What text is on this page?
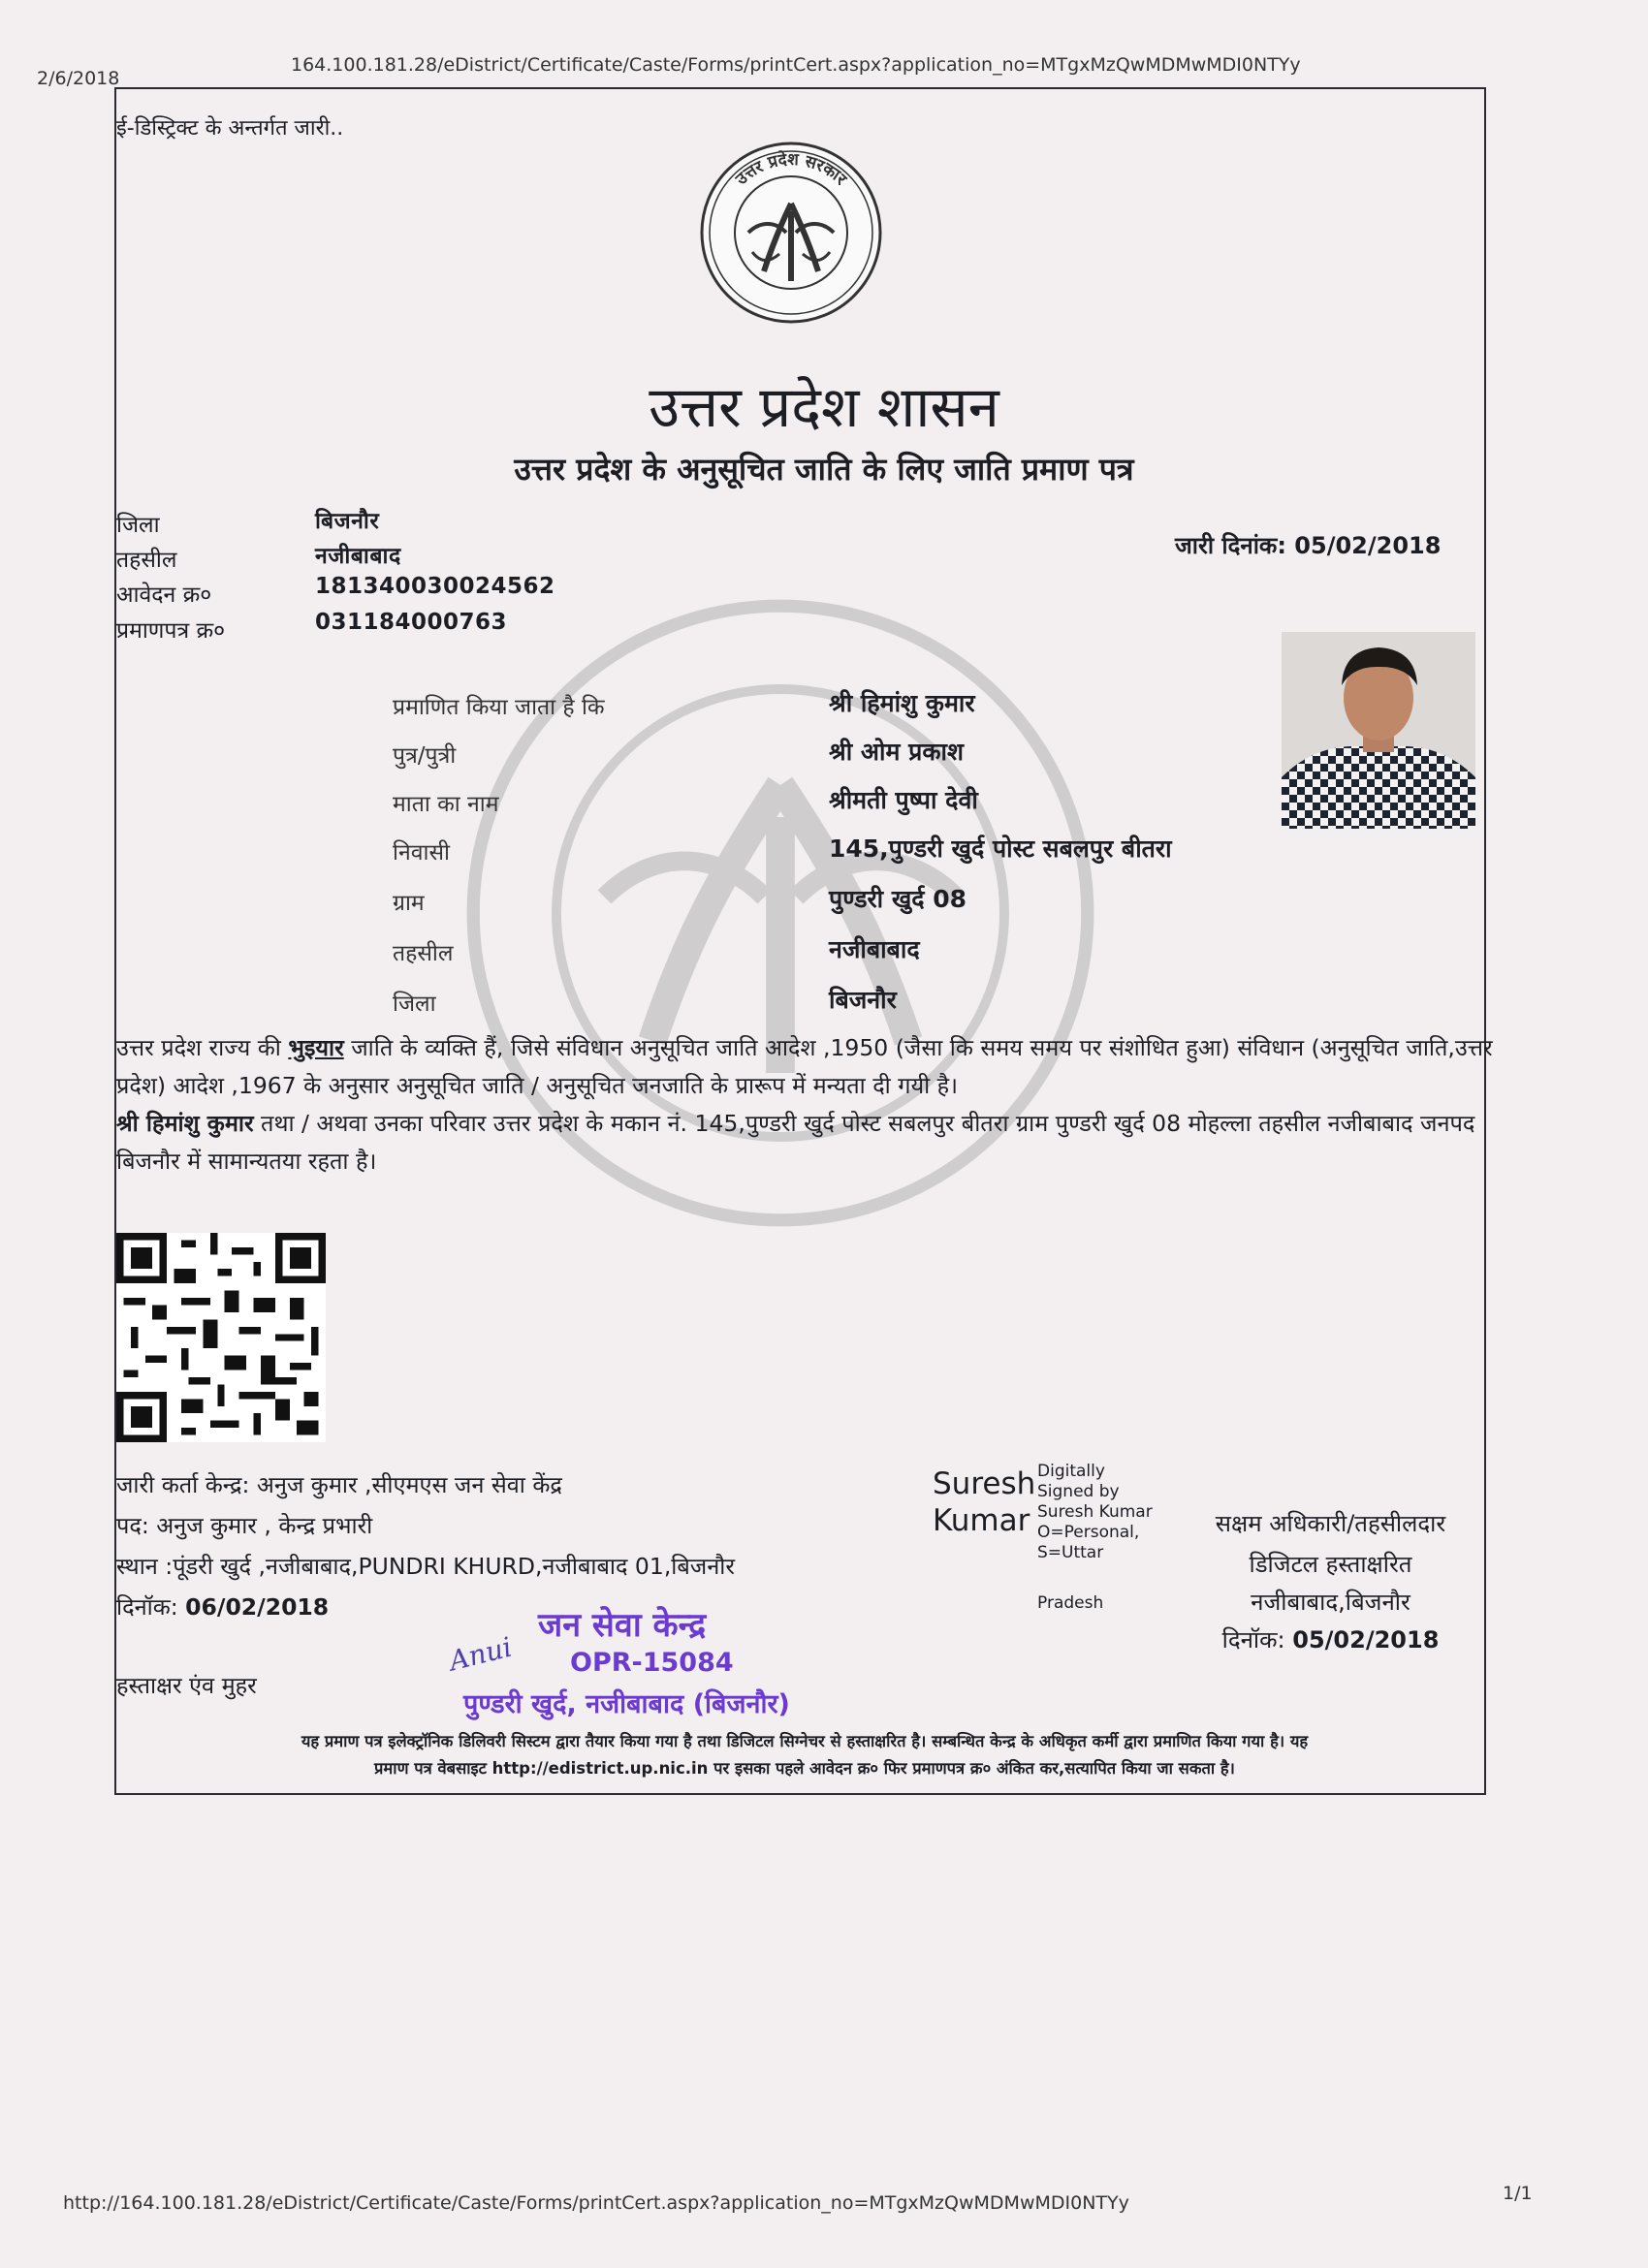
2/6/2018
164.100.181.28/eDistrict/Certificate/Caste/Forms/printCert.aspx?application_no=MTgxMzQwMDMwMDI0NTYy
http://164.100.181.28/eDistrict/Certificate/Caste/Forms/printCert.aspx?application_no=MTgxMzQwMDMwMDI0NTYy	1/1
ई-डिस्ट्रिक्ट के अन्तर्गत जारी..
उत्तर प्रदेश सरकार
उत्तर प्रदेश शासन
उत्तर प्रदेश के अनुसूचित जाति के लिए जाति प्रमाण पत्र
जिला	बिजनौर
तहसील	नजीबाबाद
आवेदन क्र०	181340030024562
प्रमाणपत्र क्र०	031184000763
जारी दिनांक: 05/02/2018
प्रमाणित किया जाता है कि	श्री हिमांशु कुमार
पुत्र/पुत्री	श्री ओम प्रकाश
माता का नाम	श्रीमती पुष्पा देवी
निवासी	145,पुण्डरी खुर्द पोस्ट सबलपुर बीतरा
ग्राम	पुण्डरी खुर्द 08
तहसील	नजीबाबाद
जिला	बिजनौर
उत्तर प्रदेश राज्य की भुइयार जाति के व्यक्ति हैं, जिसे संविधान अनुसूचित जाति आदेश ,1950 (जैसा कि समय समय पर संशोधित हुआ) संविधान (अनुसूचित जाति,उत्तर प्रदेश) आदेश ,1967 के अनुसार अनुसूचित जाति / अनुसूचित जनजाति के प्रारूप में मन्यता दी गयी है।
श्री हिमांशु कुमार तथा / अथवा उनका परिवार उत्तर प्रदेश के मकान नं. 145,पुण्डरी खुर्द पोस्ट सबलपुर बीतरा ग्राम पुण्डरी खुर्द 08 मोहल्ला तहसील नजीबाबाद जनपद बिजनौर में सामान्यतया रहता है।
जारी कर्ता केन्द्र: अनुज कुमार ,सीएमएस जन सेवा केंद्र
पद: अनुज कुमार , केन्द्र प्रभारी
स्थान :पूंडरी खुर्द ,नजीबाबाद,PUNDRI KHURD,नजीबाबाद 01,बिजनौर
दिनॉक: 06/02/2018
हस्ताक्षर एंव मुहर
जन सेवा केन्द्र
OPR-15084
पुण्डरी खुर्द, नजीबाबाद (बिजनौर)
Anui
Suresh
Kumar
Digitally
Signed by
Suresh Kumar
O=Personal,
S=Uttar
Pradesh
सक्षम अधिकारी/तहसीलदार
डिजिटल हस्ताक्षरित
नजीबाबाद,बिजनौर
दिनॉक: 05/02/2018
यह प्रमाण पत्र इलेक्ट्रॉनिक डिलिवरी सिस्टम द्वारा तैयार किया गया है तथा डिजिटल सिग्नेचर से हस्ताक्षरित है। सम्बन्धित केन्द्र के अधिकृत कर्मी द्वारा प्रमाणित किया गया है। यह
प्रमाण पत्र वेबसाइट http://edistrict.up.nic.in पर इसका पहले आवेदन क्र० फिर प्रमाणपत्र क्र० अंकित कर,सत्यापित किया जा सकता है।
